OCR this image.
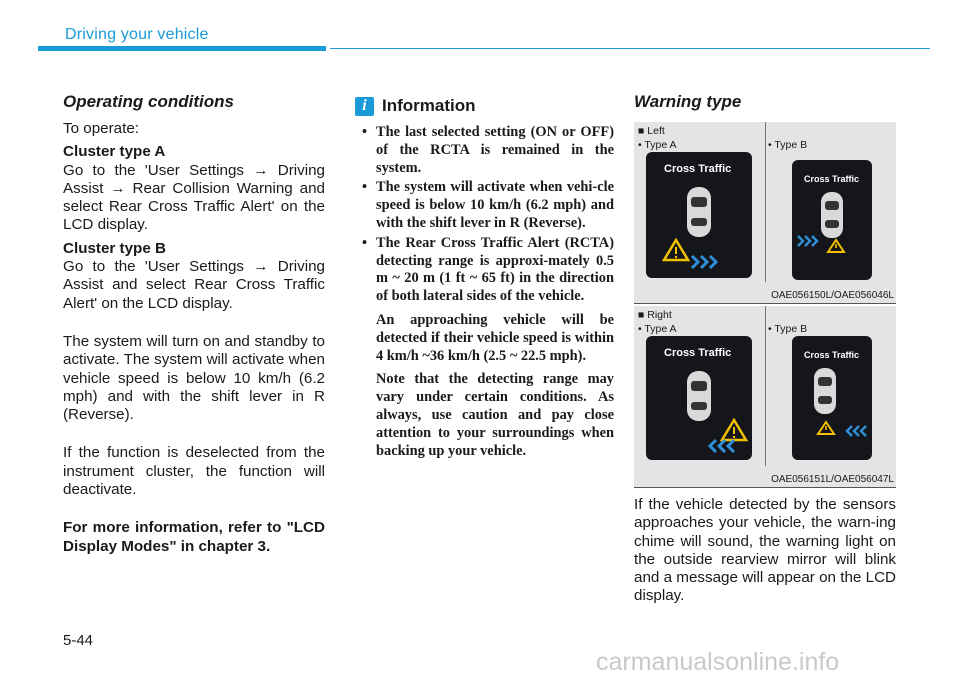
Driving your vehicle
Operating conditions

To operate:

Cluster type A

Go to the 'User Settings → Driving Assist → Rear Collision Warning and select Rear Cross Traffic Alert' on the LCD display.

Cluster type B

Go to the 'User Settings → Driving Assist and select Rear Cross Traffic Alert' on the LCD display.

The system will turn on and standby to activate. The system will activate when vehicle speed is below 10 km/h (6.2 mph) and with the shift lever in R (Reverse).

If the function is deselected from the instrument cluster, the function will deactivate.

For more information, refer to "LCD Display Modes" in chapter 3.

i Information
• The last selected setting (ON or OFF) of the RCTA is remained in the system.
• The system will activate when vehi-cle speed is below 10 km/h (6.2 mph) and with the shift lever in R (Reverse).
• The Rear Cross Traffic Alert (RCTA) detecting range is approxi-mately 0.5 m ~ 20 m (1 ft ~ 65 ft) in the direction of both lateral sides of the vehicle.

An approaching vehicle will be detected if their vehicle speed is within 4 km/h ~36 km/h (2.5 ~ 22.5 mph).

Note that the detecting range may vary under certain conditions. As always, use caution and pay close attention to your surroundings when backing up your vehicle.

Warning type
■ Left
• Type A	• Type B
Cross Traffic
Cross Traffic
OAE056150L/OAE056046L
■ Right
• Type A	• Type B
Cross Traffic	Cross Traffic
OAE056151L/OAE056047L
If the vehicle detected by the sensors approaches your vehicle, the warn-ing chime will sound, the warning light on the outside rearview mirror will blink and a message will appear on the LCD display.
5-44
carmanualsonline.info
